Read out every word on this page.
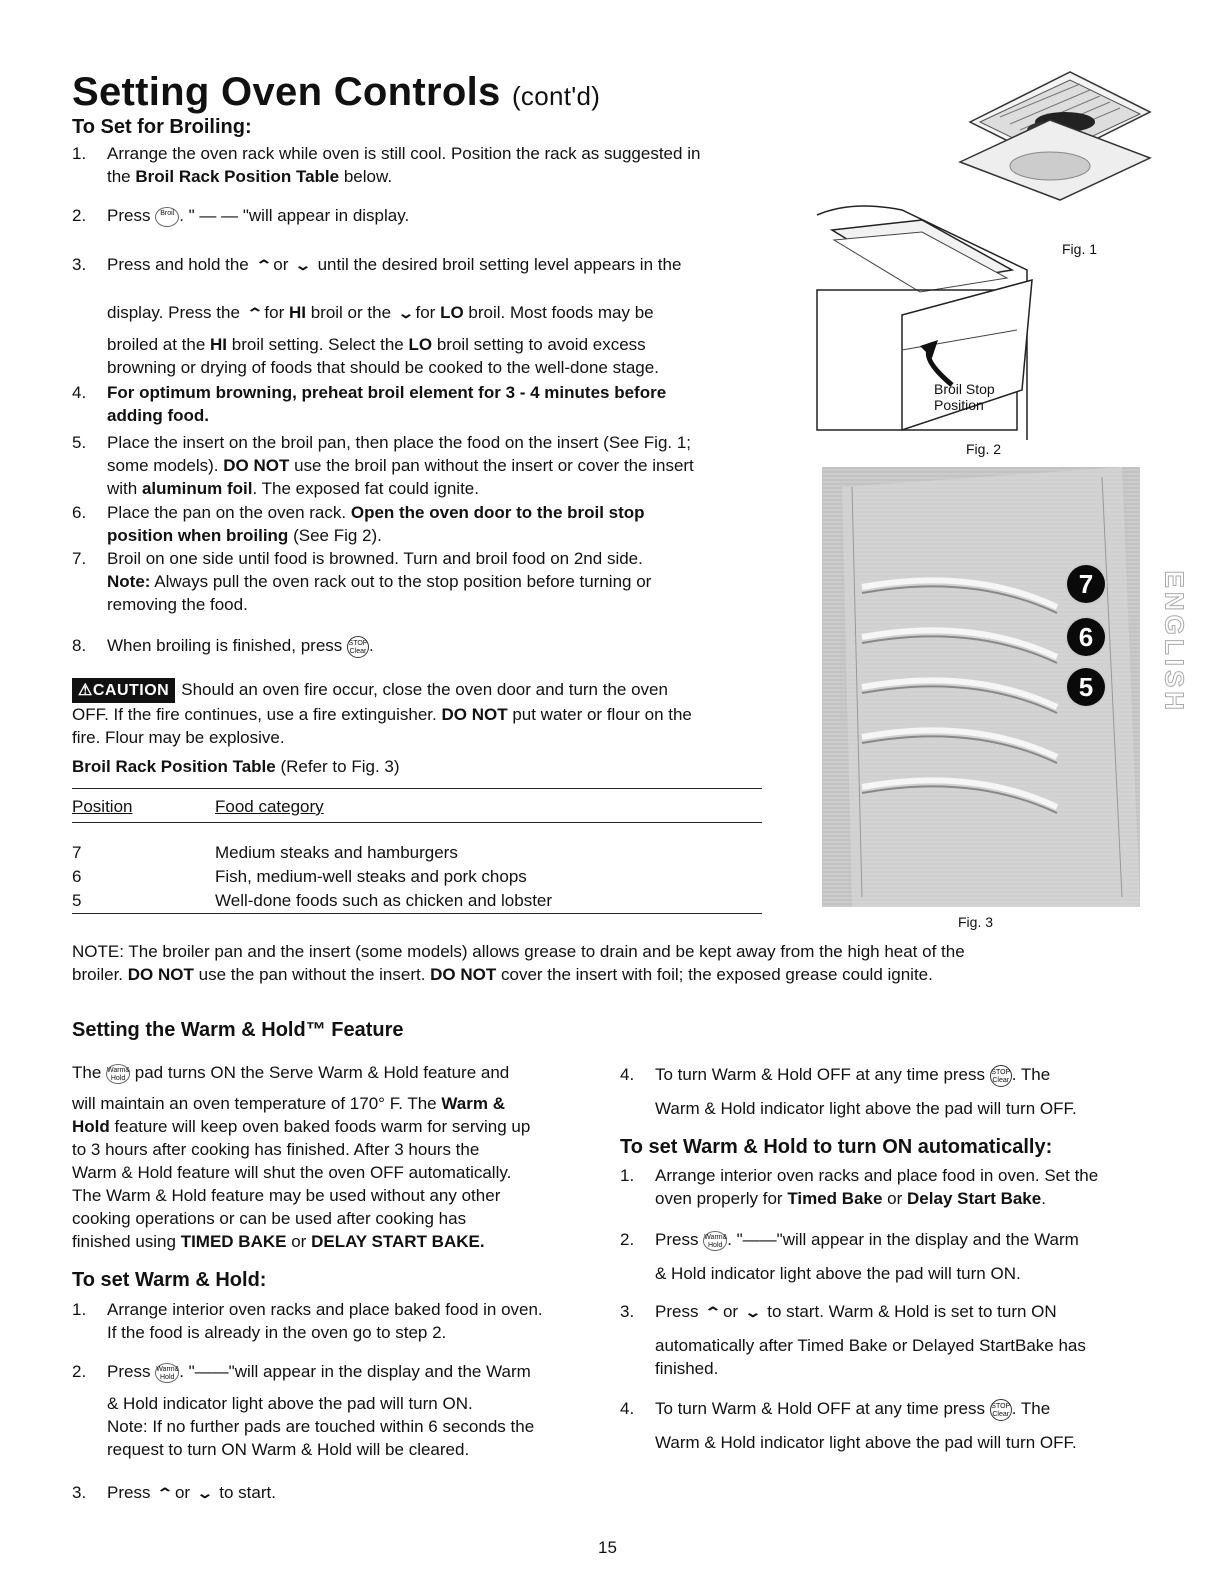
Setting Oven Controls (cont'd)
To Set for Broiling:
1. Arrange the oven rack while oven is still cool. Position the rack as suggested in
the Broil Rack Position Table below.
2. Press Broil . " — — "will appear in display.
3. Press and hold the ⌃or ⌄ until the desired broil setting level appears in the
display. Press the ⌃for HI broil or the ⌄for LO broil. Most foods may be
broiled at the HI broil setting. Select the LO broil setting to avoid excess
browning or drying of foods that should be cooked to the well-done stage.
4. For optimum browning, preheat broil element for 3 - 4 minutes before
adding food.
5. Place the insert on the broil pan, then place the food on the insert (See Fig. 1;
some models). DO NOT use the broil pan without the insert or cover the insert
with aluminum foil. The exposed fat could ignite.
6. Place the pan on the oven rack. Open the oven door to the broil stop
position when broiling (See Fig 2).
7. Broil on one side until food is browned. Turn and broil food on 2nd side.
Note: Always pull the oven rack out to the stop position before turning or
removing the food.
8. When broiling is finished, press STOP
Clear .
⚠CAUTION Should an oven fire occur, close the oven door and turn the oven
OFF. If the fire continues, use a fire extinguisher. DO NOT put water or flour on the
fire. Flour may be explosive.
Broil Rack Position Table (Refer to Fig. 3)
Position	Food category
7	Medium steaks and hamburgers
6	Fish, medium-well steaks and pork chops
5	Well-done foods such as chicken and lobster
Fig. 1
Broil Stop
Position
Fig. 2
7
6
5
Fig. 3
ENGLISH
NOTE: The broiler pan and the insert (some models) allows grease to drain and be kept away from the high heat of the
broiler. DO NOT use the pan without the insert. DO NOT cover the insert with foil; the exposed grease could ignite.
Setting the Warm & Hold™ Feature
The Warm&
Hold pad turns ON the Serve Warm & Hold feature and
will maintain an oven temperature of 170° F. The Warm &
Hold feature will keep oven baked foods warm for serving up
to 3 hours after cooking has finished. After 3 hours the
Warm & Hold feature will shut the oven OFF automatically.
The Warm & Hold feature may be used without any other
cooking operations or can be used after cooking has
finished using TIMED BAKE or DELAY START BAKE.
To set Warm & Hold:
1. Arrange interior oven racks and place baked food in oven.
If the food is already in the oven go to step 2.
2. Press Warm&
Hold . "——"will appear in the display and the Warm
& Hold indicator light above the pad will turn ON.
Note: If no further pads are touched within 6 seconds the
request to turn ON Warm & Hold will be cleared.
3. Press ⌃or ⌄ to start.
4. To turn Warm & Hold OFF at any time press STOP
Clear . The
Warm & Hold indicator light above the pad will turn OFF.
To set Warm & Hold to turn ON automatically:
1. Arrange interior oven racks and place food in oven. Set the
oven properly for Timed Bake or Delay Start Bake.
2. Press Warm&
Hold . "——"will appear in the display and the Warm
& Hold indicator light above the pad will turn ON.
3. Press ⌃or ⌄ to start. Warm & Hold is set to turn ON
automatically after Timed Bake or Delayed StartBake has
finished.
4. To turn Warm & Hold OFF at any time press STOP
Clear . The
Warm & Hold indicator light above the pad will turn OFF.
15
